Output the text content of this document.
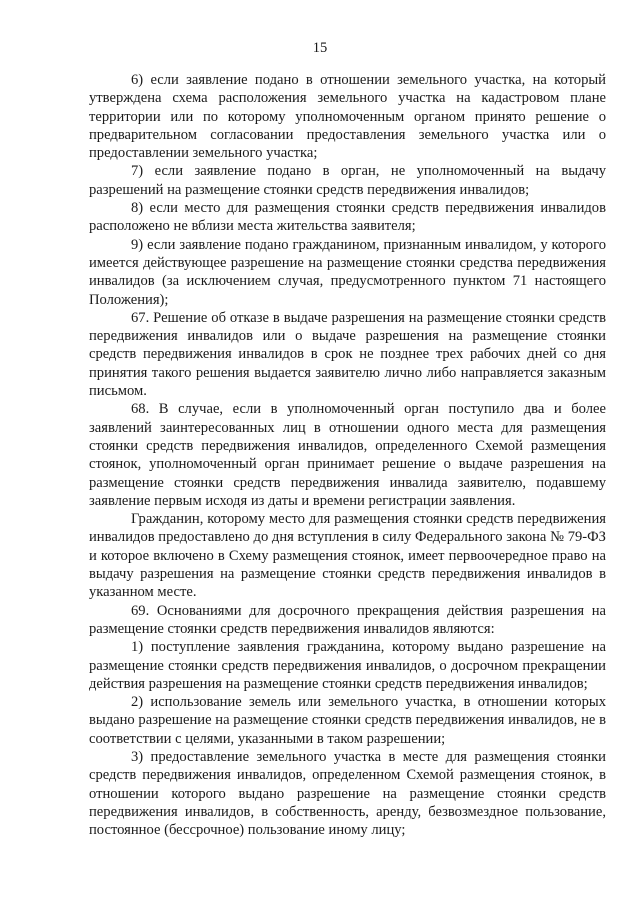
15

6) если заявление подано в отношении земельного участка, на который утверждена схема расположения земельного участка на кадастровом плане территории или по которому уполномоченным органом принято решение о предварительном согласовании предоставления земельного участка или о предоставлении земельного участка;

7) если заявление подано в орган, не уполномоченный на выдачу разрешений на размещение стоянки средств передвижения инвалидов;

8) если место для размещения стоянки средств передвижения инвалидов расположено не вблизи места жительства заявителя;

9) если заявление подано гражданином, признанным инвалидом, у которого имеется действующее разрешение на размещение стоянки средства передвижения инвалидов (за исключением случая, предусмотренного пунктом 71 настоящего Положения);

67. Решение об отказе в выдаче разрешения на размещение стоянки средств передвижения инвалидов или о выдаче разрешения на размещение стоянки средств передвижения инвалидов в срок не позднее трех рабочих дней со дня принятия такого решения выдается заявителю лично либо направляется заказным письмом.

68. В случае, если в уполномоченный орган поступило два и более заявлений заинтересованных лиц в отношении одного места для размещения стоянки средств передвижения инвалидов, определенного Схемой размещения стоянок, уполномоченный орган принимает решение о выдаче разрешения на размещение стоянки средств передвижения инвалида заявителю, подавшему заявление первым исходя из даты и времени регистрации заявления.

Гражданин, которому место для размещения стоянки средств передвижения инвалидов предоставлено до дня вступления в силу Федерального закона № 79-ФЗ и которое включено в Схему размещения стоянок, имеет первоочередное право на выдачу разрешения на размещение стоянки средств передвижения инвалидов в указанном месте.

69. Основаниями для досрочного прекращения действия разрешения на размещение стоянки средств передвижения инвалидов являются:

1) поступление заявления гражданина, которому выдано разрешение на размещение стоянки средств передвижения инвалидов, о досрочном прекращении действия разрешения на размещение стоянки средств передвижения инвалидов;

2) использование земель или земельного участка, в отношении которых выдано разрешение на размещение стоянки средств передвижения инвалидов, не в соответствии с целями, указанными в таком разрешении;

3) предоставление земельного участка в месте для размещения стоянки средств передвижения инвалидов, определенном Схемой размещения стоянок, в отношении которого выдано разрешение на размещение стоянки средств передвижения инвалидов, в собственность, аренду, безвозмездное пользование, постоянное (бессрочное) пользование иному лицу;
